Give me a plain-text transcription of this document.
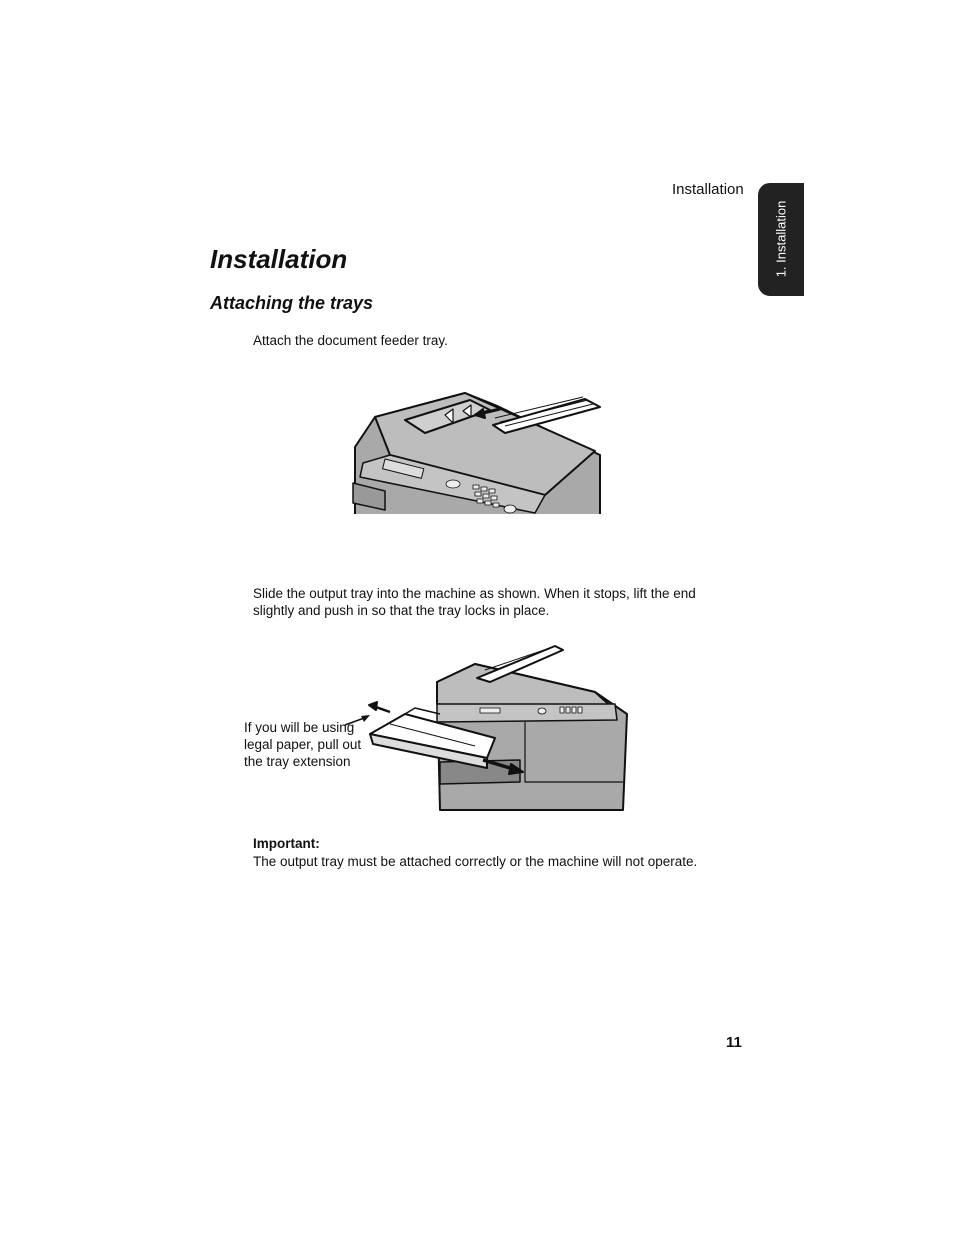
Installation
1. Installation
Installation
Attaching the trays
Attach the document feeder tray.
Slide the output tray into the machine as shown. When it stops, lift the end slightly and push in so that the tray locks in place.
If you will be using legal paper, pull out the tray extension
Important:
The output tray must be attached correctly or the machine will not operate.
11
